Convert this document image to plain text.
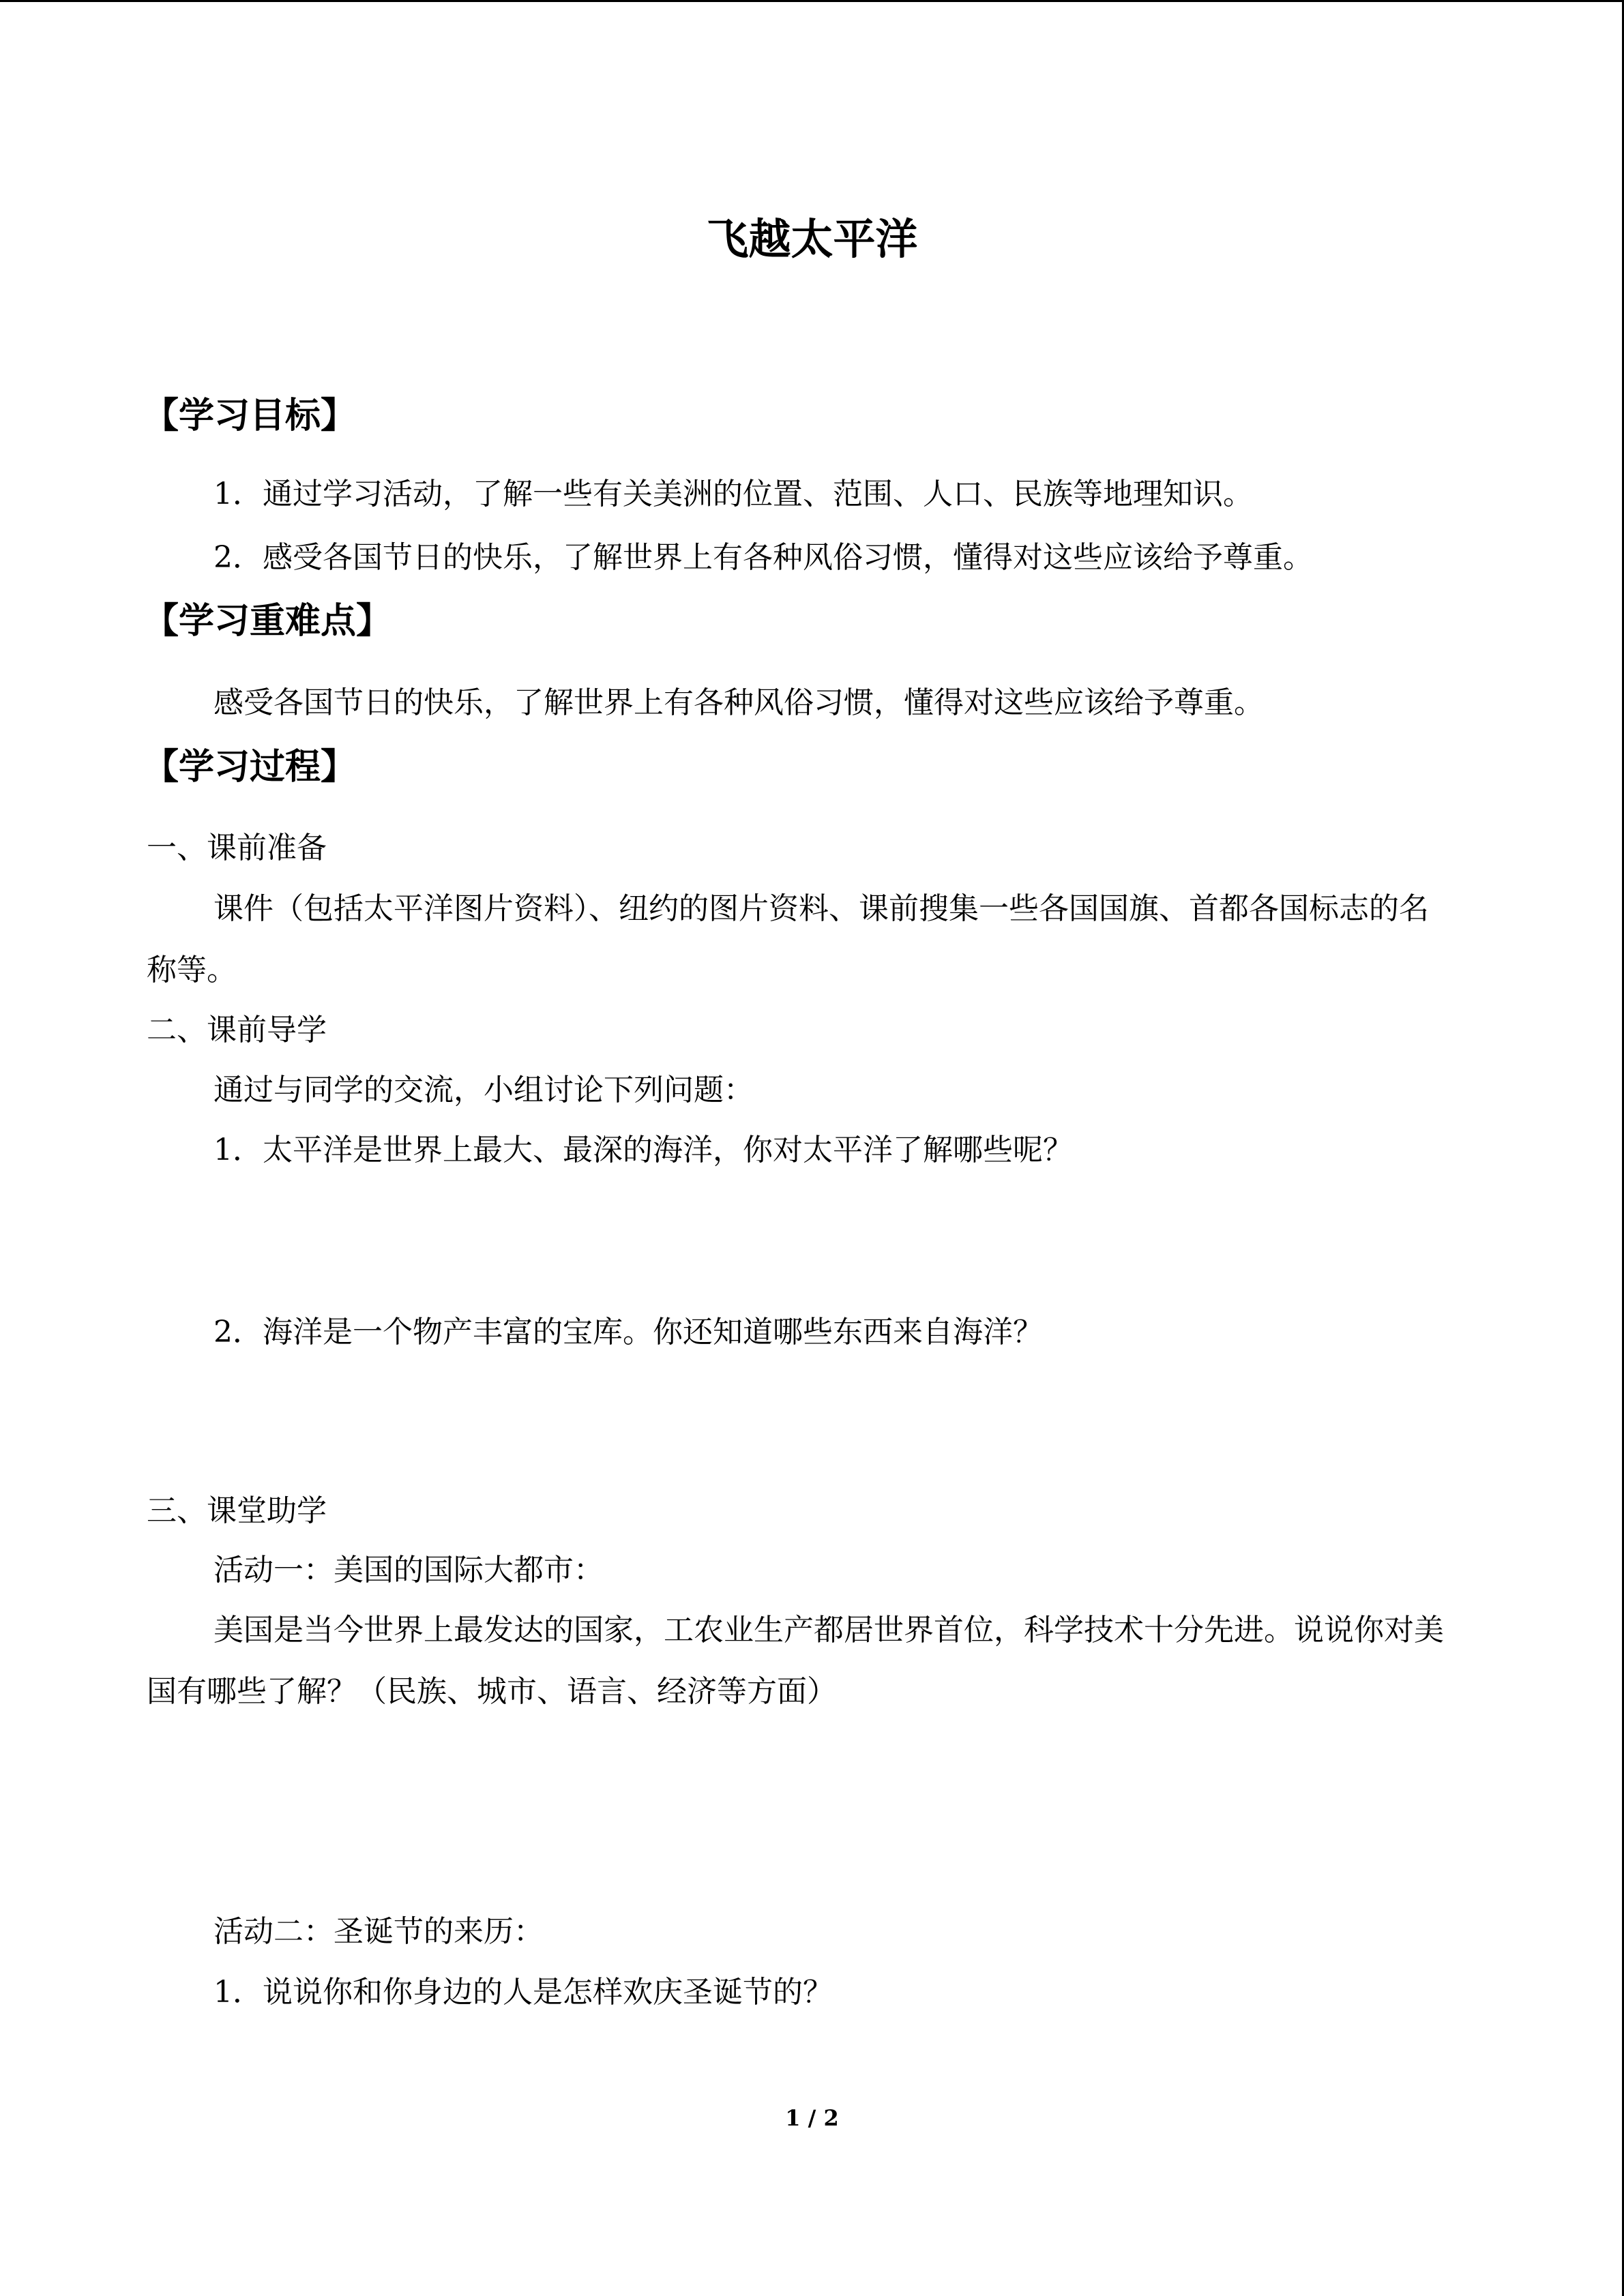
飞越太平洋
【学习目标】
1．通过学习活动，了解一些有关美洲的位置、范围、人口、民族等地理知识。
2．感受各国节日的快乐，了解世界上有各种风俗习惯，懂得对这些应该给予尊重。
【学习重难点】
感受各国节日的快乐，了解世界上有各种风俗习惯，懂得对这些应该给予尊重。
【学习过程】
一、课前准备
课件（包括太平洋图片资料）、纽约的图片资料、课前搜集一些各国国旗、首都各国标志的名称等。
二、课前导学
通过与同学的交流，小组讨论下列问题：
1．太平洋是世界上最大、最深的海洋，你对太平洋了解哪些呢？
2．海洋是一个物产丰富的宝库。你还知道哪些东西来自海洋？
三、课堂助学
活动一：美国的国际大都市：
美国是当今世界上最发达的国家，工农业生产都居世界首位，科学技术十分先进。说说你对美国有哪些了解？（民族、城市、语言、经济等方面）
活动二：圣诞节的来历：
1．说说你和你身边的人是怎样欢庆圣诞节的？
1 / 2
